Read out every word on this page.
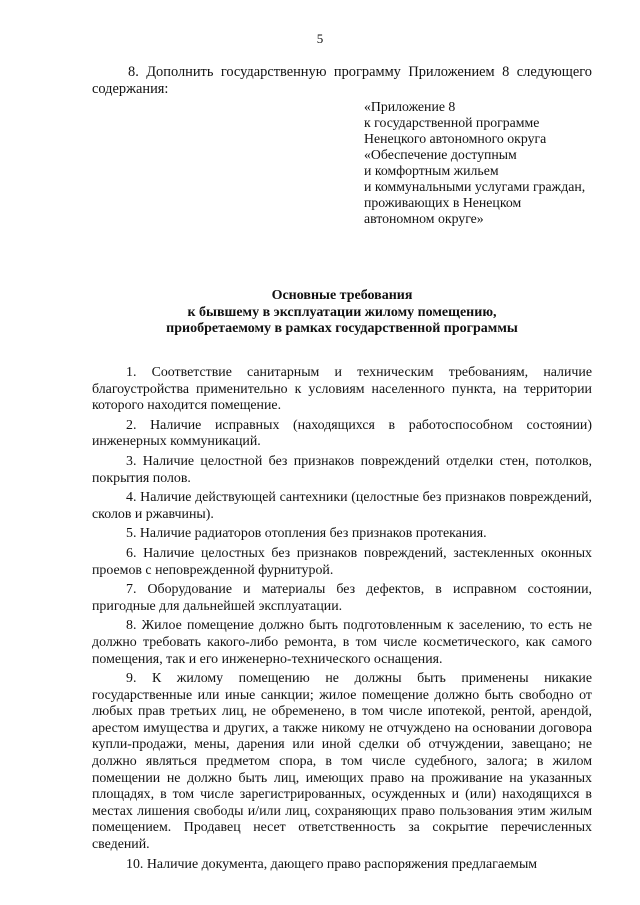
5

8. Дополнить государственную программу Приложением 8 следующего содержания:

«Приложение 8
к государственной программе
Ненецкого автономного округа
«Обеспечение доступным
и комфортным жильем
и коммунальными услугами граждан,
проживающих в Ненецком
автономном округе»
Основные требования
к бывшему в эксплуатации жилому помещению,
приобретаемому в рамках государственной программы

1. Соответствие санитарным и техническим требованиям, наличие благоустройства применительно к условиям населенного пункта, на территории которого находится помещение.

2. Наличие исправных (находящихся в работоспособном состоянии) инженерных коммуникаций.

3. Наличие целостной без признаков повреждений отделки стен, потолков, покрытия полов.

4. Наличие действующей сантехники (целостные без признаков повреждений, сколов и ржавчины).

5. Наличие радиаторов отопления без признаков протекания.

6. Наличие целостных без признаков повреждений, застекленных оконных проемов с неповрежденной фурнитурой.

7. Оборудование и материалы без дефектов, в исправном состоянии, пригодные для дальнейшей эксплуатации.

8. Жилое помещение должно быть подготовленным к заселению, то есть не должно требовать какого-либо ремонта, в том числе косметического, как самого помещения, так и его инженерно-технического оснащения.

9. К жилому помещению не должны быть применены никакие государственные или иные санкции; жилое помещение должно быть свободно от любых прав третьих лиц, не обременено, в том числе ипотекой, рентой, арендой, арестом имущества и других, а также никому не отчуждено на основании договора купли-продажи, мены, дарения или иной сделки об отчуждении, завещано; не должно являться предметом спора, в том числе судебного, залога; в жилом помещении не должно быть лиц, имеющих право на проживание на указанных площадях, в том числе зарегистрированных, осужденных и (или) находящихся в местах лишения свободы и/или лиц, сохраняющих право пользования этим жилым помещением. Продавец несет ответственность за сокрытие перечисленных сведений.

10. Наличие документа, дающего право распоряжения предлагаемым
